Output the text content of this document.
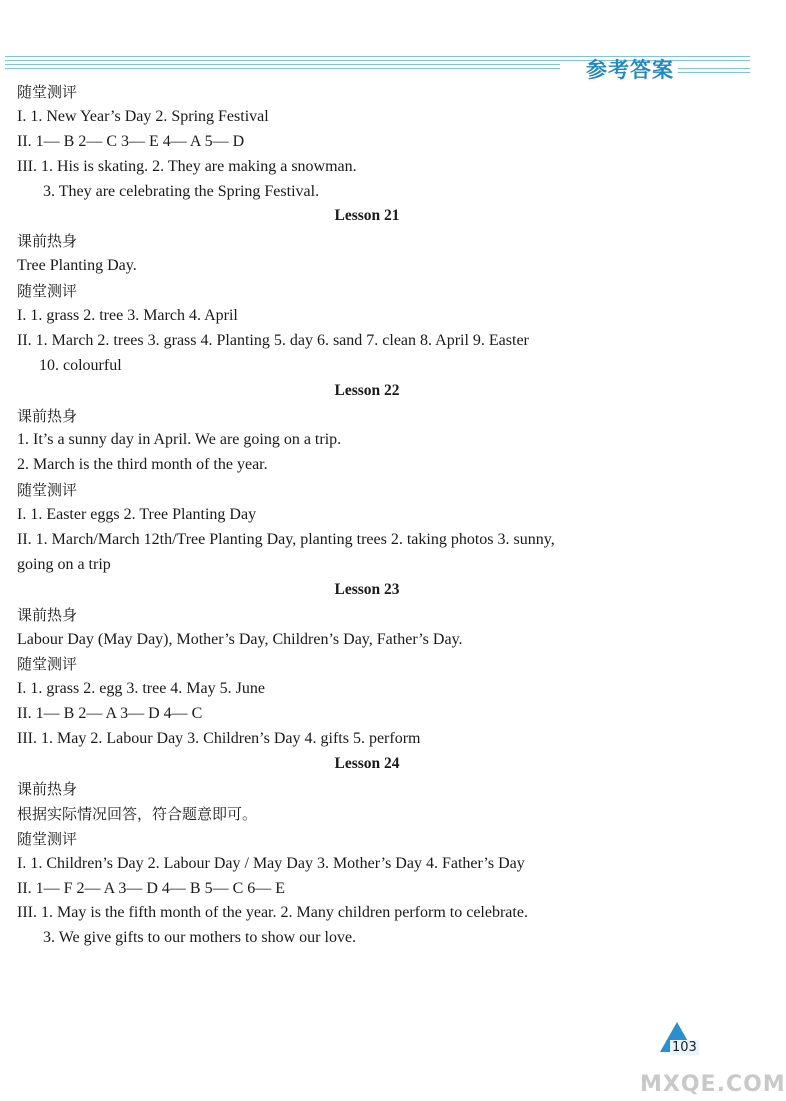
参考答案
随堂测评
I. 1. New Year’s Day 2. Spring Festival
II. 1— B 2— C 3— E 4— A 5— D
III. 1. His is skating. 2. They are making a snowman.
3. They are celebrating the Spring Festival.
Lesson 21
课前热身
Tree Planting Day.
随堂测评
I. 1. grass 2. tree 3. March 4. April
II. 1. March 2. trees 3. grass 4. Planting 5. day 6. sand 7. clean 8. April 9. Easter
10. colourful
Lesson 22
课前热身
1. It’s a sunny day in April. We are going on a trip.
2. March is the third month of the year.
随堂测评
I. 1. Easter eggs 2. Tree Planting Day
II. 1. March/March 12th/Tree Planting Day, planting trees 2. taking photos 3. sunny,
going on a trip
Lesson 23
课前热身
Labour Day (May Day), Mother’s Day, Children’s Day, Father’s Day.
随堂测评
I. 1. grass 2. egg 3. tree 4. May 5. June
II. 1— B 2— A 3— D 4— C
III. 1. May 2. Labour Day 3. Children’s Day 4. gifts 5. perform
Lesson 24
课前热身
根据实际情况回答，符合题意即可。
随堂测评
I. 1. Children’s Day 2. Labour Day / May Day 3. Mother’s Day 4. Father’s Day
II. 1— F 2— A 3— D 4— B 5— C 6— E
III. 1. May is the fifth month of the year. 2. Many children perform to celebrate.
3. We give gifts to our mothers to show our love.
103
MXQE.COM
